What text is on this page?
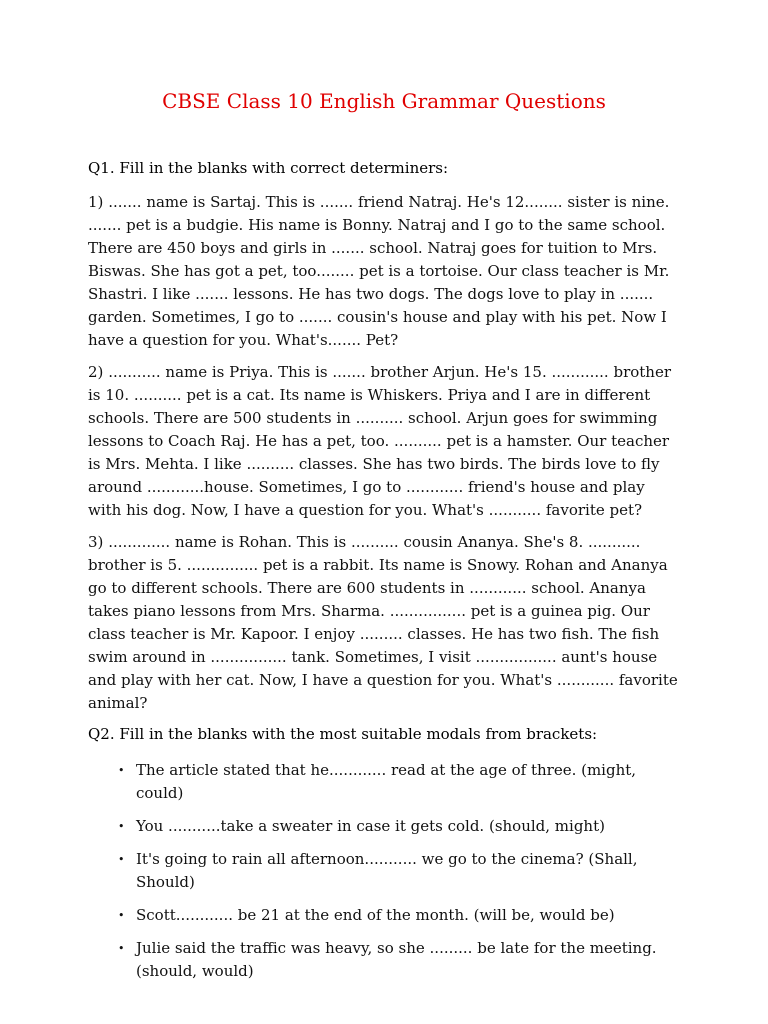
CBSE Class 10 English Grammar Questions
Q1. Fill in the blanks with correct determiners:

1) ....... name is Sartaj. This is ....... friend Natraj. He's 12........ sister is nine. ....... pet is a budgie. His name is Bonny. Natraj and I go to the same school. There are 450 boys and girls in ....... school. Natraj goes for tuition to Mrs. Biswas. She has got a pet, too........ pet is a tortoise. Our class teacher is Mr. Shastri. I like ....... lessons. He has two dogs. The dogs love to play in ....... garden. Sometimes, I go to ....... cousin's house and play with his pet. Now I have a question for you. What's....... Pet?

2) ........... name is Priya. This is ....... brother Arjun. He's 15. ............ brother is 10. .......... pet is a cat. Its name is Whiskers. Priya and I are in different schools. There are 500 students in .......... school. Arjun goes for swimming lessons to Coach Raj. He has a pet, too. .......... pet is a hamster. Our teacher is Mrs. Mehta. I like .......... classes. She has two birds. The birds love to fly around ............house. Sometimes, I go to ............ friend's house and play with his dog. Now, I have a question for you. What's ........... favorite pet?

3) ............. name is Rohan. This is .......... cousin Ananya. She's 8. ........... brother is 5. ............... pet is a rabbit. Its name is Snowy. Rohan and Ananya go to different schools. There are 600 students in ............ school. Ananya takes piano lessons from Mrs. Sharma. ................ pet is a guinea pig. Our class teacher is Mr. Kapoor. I enjoy ......... classes. He has two fish. The fish swim around in ................ tank. Sometimes, I visit ................. aunt's house and play with her cat. Now, I have a question for you. What's ............ favorite animal?

Q2. Fill in the blanks with the most suitable modals from brackets:
• The article stated that he............ read at the age of three. (might, could)
• You ...........take a sweater in case it gets cold. (should, might)
• It's going to rain all afternoon........... we go to the cinema? (Shall, Should)
• Scott............ be 21 at the end of the month. (will be, would be)
• Julie said the traffic was heavy, so she ......... be late for the meeting. (should, would)
